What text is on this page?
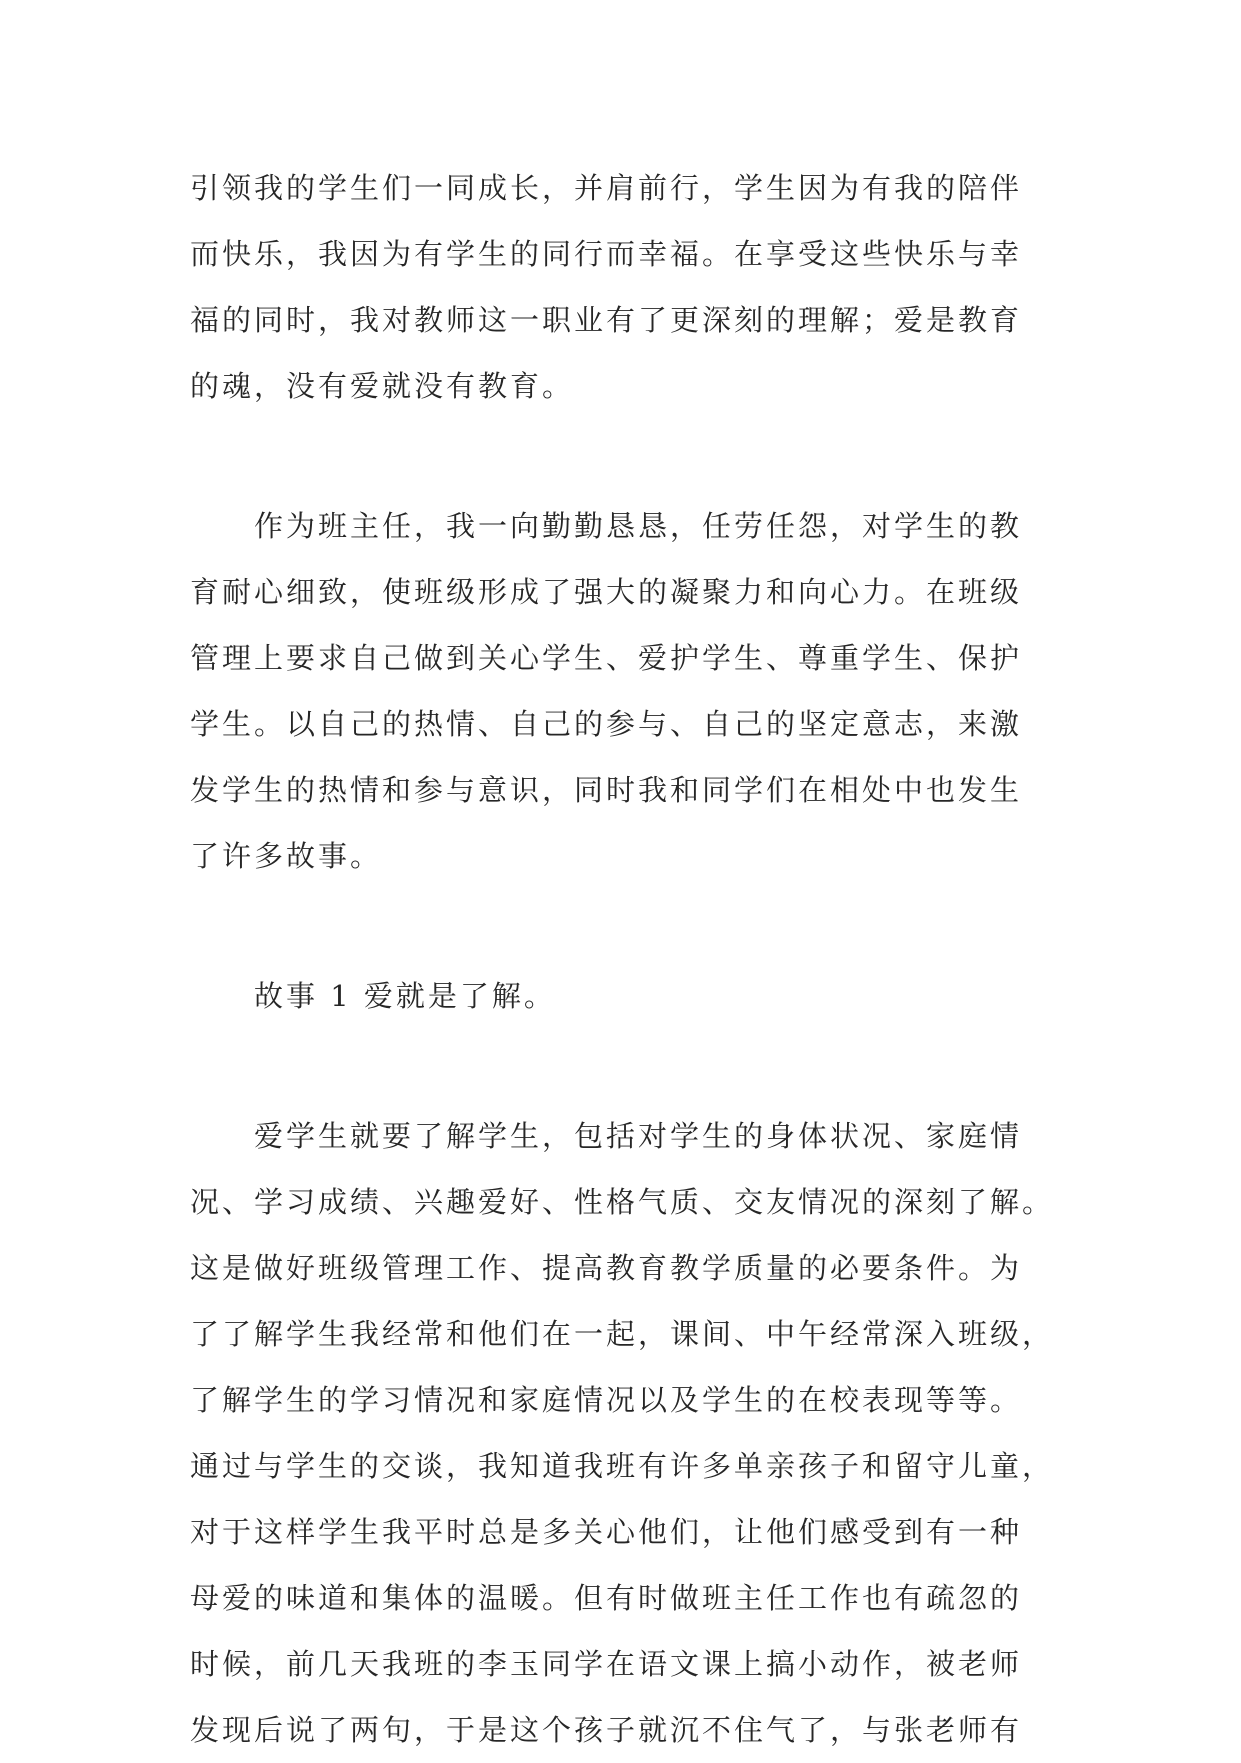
引领我的学生们一同成长，并肩前行，学生因为有我的陪伴
而快乐，我因为有学生的同行而幸福。在享受这些快乐与幸
福的同时，我对教师这一职业有了更深刻的理解；爱是教育
的魂，没有爱就没有教育。
作为班主任，我一向勤勤恳恳，任劳任怨，对学生的教
育耐心细致，使班级形成了强大的凝聚力和向心力。在班级
管理上要求自己做到关心学生、爱护学生、尊重学生、保护
学生。以自己的热情、自己的参与、自己的坚定意志，来激
发学生的热情和参与意识，同时我和同学们在相处中也发生
了许多故事。
故事 1 爱就是了解。
爱学生就要了解学生，包括对学生的身体状况、家庭情
况、学习成绩、兴趣爱好、性格气质、交友情况的深刻了解。
这是做好班级管理工作、提高教育教学质量的必要条件。为
了了解学生我经常和他们在一起，课间、中午经常深入班级，
了解学生的学习情况和家庭情况以及学生的在校表现等等。
通过与学生的交谈，我知道我班有许多单亲孩子和留守儿童，
对于这样学生我平时总是多关心他们，让他们感受到有一种
母爱的味道和集体的温暖。但有时做班主任工作也有疏忽的
时候，前几天我班的李玉同学在语文课上搞小动作，被老师
发现后说了两句，于是这个孩子就沉不住气了，与张老师有
